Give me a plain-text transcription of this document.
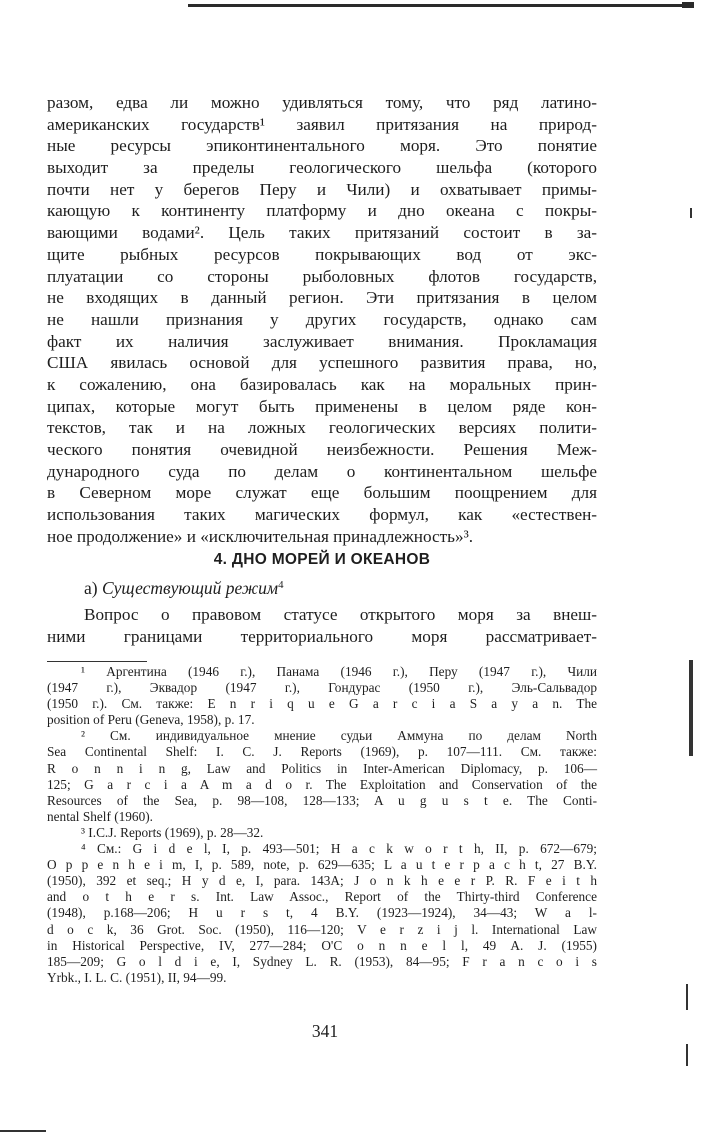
разом, едва ли можно удивляться тому, что ряд латино-
американских государств¹ заявил притязания на природ-
ные ресурсы эпиконтинентального моря. Это понятие
выходит за пределы геологического шельфа (которого
почти нет у берегов Перу и Чили) и охватывает примы-
кающую к континенту платформу и дно океана с покры-
вающими водами². Цель таких притязаний состоит в за-
щите рыбных ресурсов покрывающих вод от экс-
плуатации со стороны рыболовных флотов государств,
не входящих в данный регион. Эти притязания в целом
не нашли признания у других государств, однако сам
факт их наличия заслуживает внимания. Прокламация
США явилась основой для успешного развития права, но,
к сожалению, она базировалась как на моральных прин-
ципах, которые могут быть применены в целом ряде кон-
текстов, так и на ложных геологических версиях полити-
ческого понятия очевидной неизбежности. Решения Меж-
дународного суда по делам о континентальном шельфе
в Северном море служат еще большим поощрением для
использования таких магических формул, как «естествен-
ное продолжение» и «исключительная принадлежность»³.
4. ДНО МОРЕЙ И ОКЕАНОВ
а) Существующий режим$^4$
Вопрос о правовом статусе открытого моря за внеш-
ними границами территориального моря рассматривает-
¹ Аргентина (1946 г.), Панама (1946 г.), Перу (1947 г.), Чили
(1947 г.), Эквадор (1947 г.), Гондурас (1950 г.), Эль-Сальвадор
(1950 г.). См. также: E n r i q u e G a r c i a S a y a n. The
position of Peru (Geneva, 1958), p. 17.
² См. индивидуальное мнение судьи Аммуна по делам North
Sea Continental Shelf: I. C. J. Reports (1969), p. 107—111. См. также:
R o n n i n g, Law and Politics in Inter-American Diplomacy, p. 106—
125; G a r c i a A m a d o r. The Exploitation and Conservation of the
Resources of the Sea, p. 98—108, 128—133; A u g u s t e. The Conti-
nental Shelf (1960).
³ I.C.J. Reports (1969), p. 28—32.
⁴ См.: G i d e l, I, p. 493—501; H a c k w o r t h, II, p. 672—679;
O p p e n h e i m, I, p. 589, note, p. 629—635; L a u t e r p a c h t, 27 B.Y.
(1950), 392 et seq.; H y d e, I, para. 143A; J o n k h e e r P. R. F e i t h
and o t h e r s. Int. Law Assoc., Report of the Thirty-third Conference
(1948), p.168—206; H u r s t, 4 B.Y. (1923—1924), 34—43; W a l-
d o c k, 36 Grot. Soc. (1950), 116—120; V e r z i j l. International Law
in Historical Perspective, IV, 277—284; O'C o n n e l l, 49 A. J. (1955)
185—209; G o l d i e, I, Sydney L. R. (1953), 84—95; F r a n c o i s
Yrbk., I. L. C. (1951), II, 94—99.
341
